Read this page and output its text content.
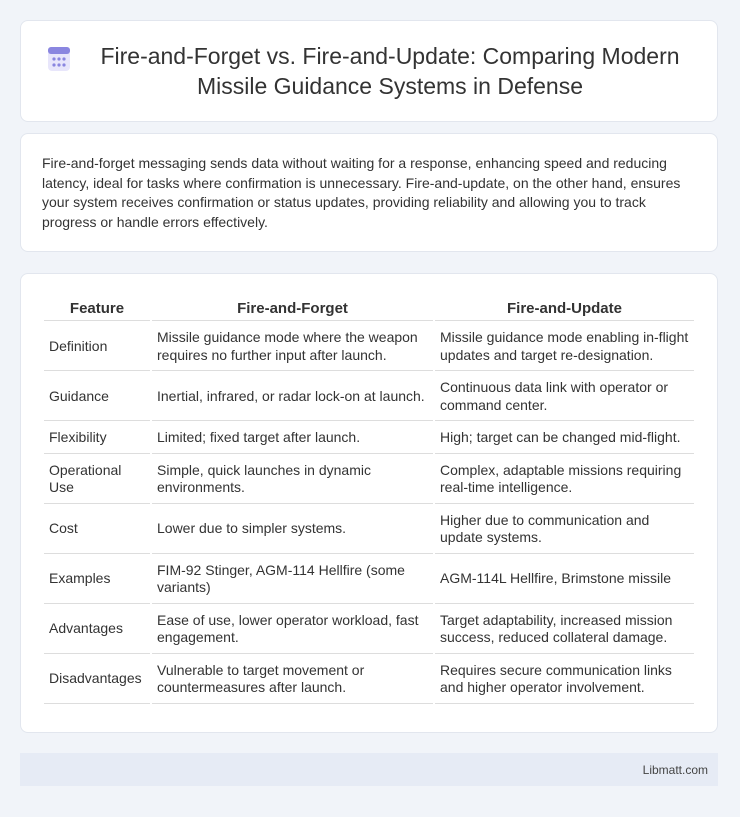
Fire-and-Forget vs. Fire-and-Update: Comparing Modern Missile Guidance Systems in Defense

Fire-and-forget messaging sends data without waiting for a response, enhancing speed and reducing latency, ideal for tasks where confirmation is unnecessary. Fire-and-update, on the other hand, ensures your system receives confirmation or status updates, providing reliability and allowing you to track progress or handle errors effectively.

Feature	Fire-and-Forget	Fire-and-Update
Definition	Missile guidance mode where the weapon requires no further input after launch.	Missile guidance mode enabling in-flight updates and target re-designation.
Guidance	Inertial, infrared, or radar lock-on at launch.	Continuous data link with operator or command center.
Flexibility	Limited; fixed target after launch.	High; target can be changed mid-flight.
Operational Use	Simple, quick launches in dynamic environments.	Complex, adaptable missions requiring real-time intelligence.
Cost	Lower due to simpler systems.	Higher due to communication and update systems.
Examples	FIM-92 Stinger, AGM-114 Hellfire (some variants)	AGM-114L Hellfire, Brimstone missile
Advantages	Ease of use, lower operator workload, fast engagement.	Target adaptability, increased mission success, reduced collateral damage.
Disadvantages	Vulnerable to target movement or countermeasures after launch.	Requires secure communication links and higher operator involvement.
Libmatt.com
